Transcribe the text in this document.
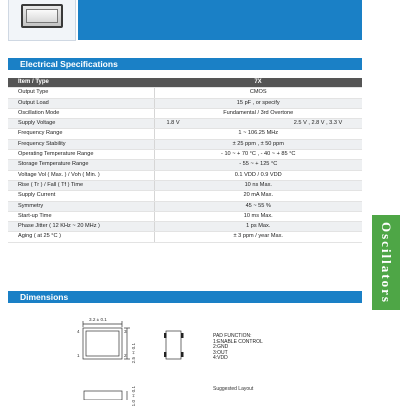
Electrical Specifications
Item / Type	7X	
Output Type	CMOS	
Output Load	15 pF , or specify	
Oscillation Mode	Fundamental / 3rd Overtone	
Supply Voltage	1.8 V	2.5 V , 2.8 V , 3.3 V
Frequency Range	1 ~ 106.25 MHz	
Frequency Stability	± 25 ppm , ± 50 ppm	
Operating Temperature Range	- 10 ~ + 70 °C , - 40 ~ + 85 °C	
Storage Temperature Range	- 55 ~ + 125 °C	
Voltage Vol ( Max. ) / Voh ( Min. )	0.1 VDD / 0.9 VDD	
Rise ( Tr ) / Fall ( Tf ) Time	10 ns Max.	
Supply Current	20 mA Max.	
Symmetry	45 ~ 55 %	
Start-up Time	10 ms Max.	
Phase Jitter ( 12 KHz ~ 20 MHz )	1 ps Max.	
Aging ( at 25 °C )	± 3 ppm / year Max.		Oscillators
Dimensions
3.2 ± 0.1
2.5 ± 0.1
1.0 ± 0.1
4
1
3
2
PAD FUNCTION:
1:ENABLE CONTROL
2:GND
3:OUT
4:VDD
Suggested Layout
